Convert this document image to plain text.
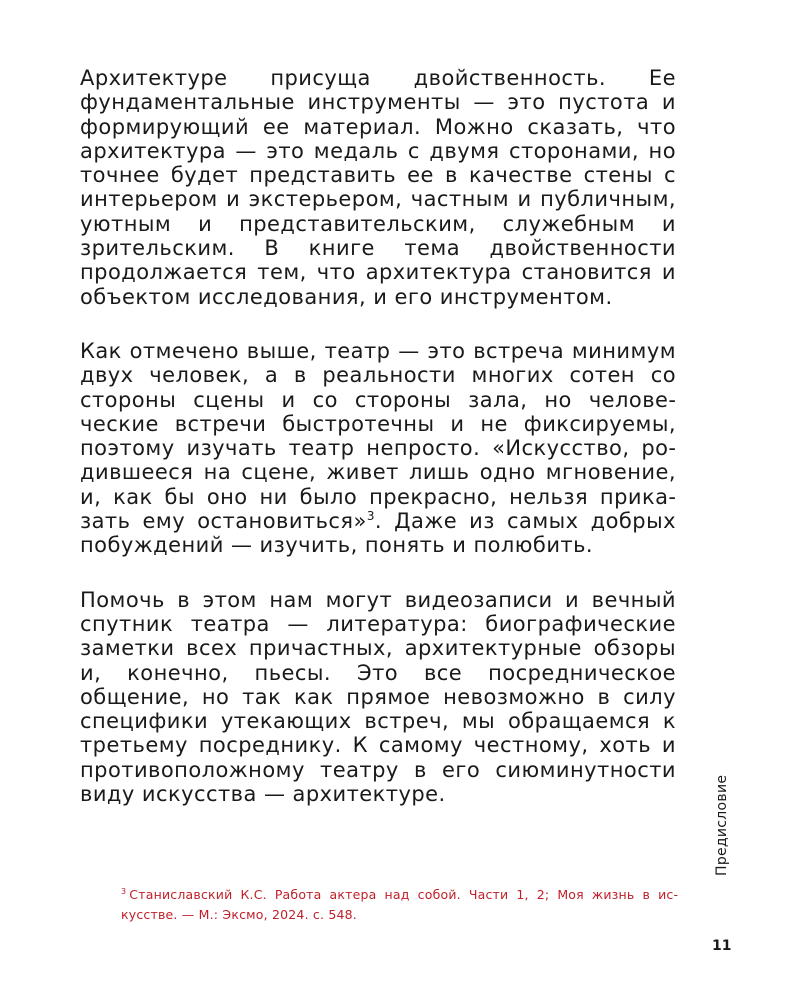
Архитектуре присуща двойственность. Ее фундаментальные инструменты — это пустота и формирующий ее материал. Можно сказать, что архитектура — это медаль с двумя сторонами, но точнее будет представить ее в качестве стены с интерьером и экстерьером, частным и публичным, уютным и представительским, служебным и зрительским. В книге тема двойственности продолжается тем, что архитектура становится и объектом исследования, и его инструментом.

Как отмечено выше, театр — это встреча минимум двух человек, а в реальности многих сотен со стороны сцены и со стороны зала, но человеческие встречи быстротечны и не фиксируемы, поэтому изучать театр непросто. «Искусство, родившееся на сцене, живет лишь одно мгновение, и, как бы оно ни было прекрасно, нельзя приказать ему остановиться»$^3$. Даже из самых добрых побуждений — изучить, понять и полюбить.

Помочь в этом нам могут видеозаписи и вечный спутник театра — литература: биографические заметки всех причастных, архитектурные обзоры и, конечно, пьесы. Это все посредническое общение, но так как прямое невозможно в силу специфики утекающих встреч, мы обращаемся к третьему посреднику. К самому честному, хоть и противоположному театру в его сиюминутности виду искусства — архитектуре.	Предисловие

$^3$ Станиславский К.С. Работа актера над собой. Части 1, 2; Моя жизнь в искусстве. — М.: Эксмо, 2024. с. 548.

11
